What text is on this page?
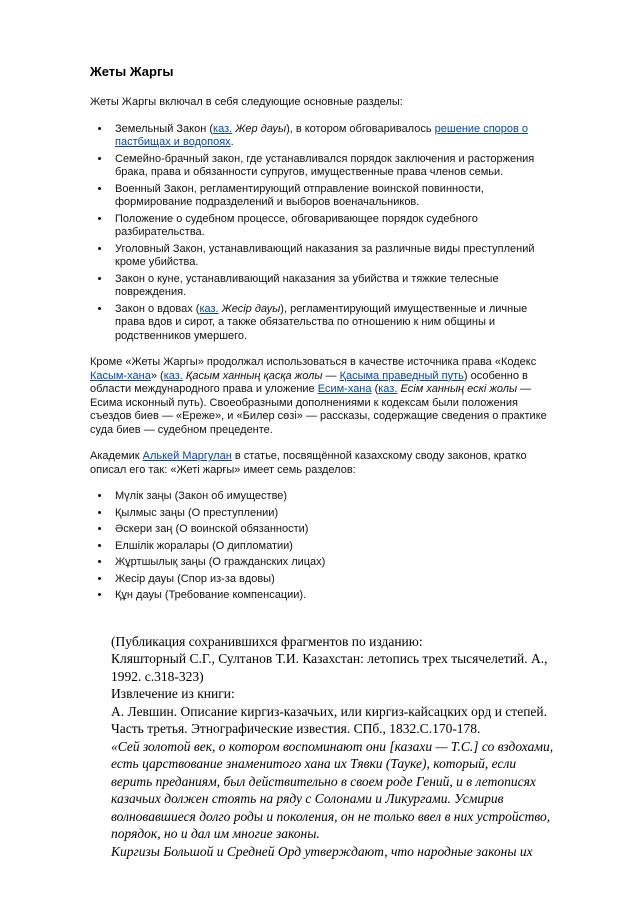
Жеты Жаргы

Жеты Жаргы включал в себя следующие основные разделы:

• Земельный Закон (каз. Жер дауы), в котором обговаривалось решение споров о пастбищах и водопоях.
• Семейно-брачный закон, где устанавливался порядок заключения и расторжения брака, права и обязанности супругов, имущественные права членов семьи.
• Военный Закон, регламентирующий отправление воинской повинности, формирование подразделений и выборов военачальников.
• Положение о судебном процессе, обговаривающее порядок судебного разбирательства.
• Уголовный Закон, устанавливающий наказания за различные виды преступлений кроме убийства.
• Закон о куне, устанавливающий наказания за убийства и тяжкие телесные повреждения.
• Закон о вдовах (каз. Жесір дауы), регламентирующий имущественные и личные права вдов и сирот, а также обязательства по отношению к ним общины и родственников умершего.

Кроме «Жеты Жаргы» продолжал использоваться в качестве источника права «Кодекс Касым-хана» (каз. Қасым ханның қасқа жолы — Қасыма праведный путь) особенно в области международного права и уложение Есим-хана (каз. Есім ханның ескі жолы — Есима исконный путь). Своеобразными дополнениями к кодексам были положения съездов биев — «Ереже», и «Билер сөзі» — рассказы, содержащие сведения о практике суда биев — судебном прецеденте.

Академик Алькей Маргулан в статье, посвящённой казахскому своду законов, кратко описал его так: «Жеті жарғы» имеет семь разделов:

• Мүлік заңы (Закон об имуществе)
• Қылмыс заңы (О преступлении)
• Әскери заң (О воинской обязанности)
• Елшілік жоралары (О дипломатии)
• Жұртшылық заңы (О гражданских лицах)
• Жесір дауы (Спор из-за вдовы)
• Құн дауы (Требование компенсации).

(Публикация сохранившихся фрагментов по изданию:

Кляшторный С.Г., Султанов Т.И. Казахстан: летопись трех тысячелетий. А., 1992. с.318-323)

Извлечение из книги:

А. Левшин. Описание киргиз-казачьих, или киргиз-кайсацких орд и степей. Часть третья. Этнографические известия. СПб., 1832.С.170-178.

«Сей золотой век, о котором воспоминают они [казахи — Т.С.] со вздохами, есть царствование знаменитого хана их Тявки (Тауке), который, если верить преданиям, был действительно в своем роде Гений, и в летописях казачьих должен стоять на ряду с Солонами и Ликургами. Усмирив волновавшиеся долго роды и поколения, он не только ввел в них устройство, порядок, но и дал им многие законы.

Киргизы Большой и Средней Орд утверждают, что народные законы их
